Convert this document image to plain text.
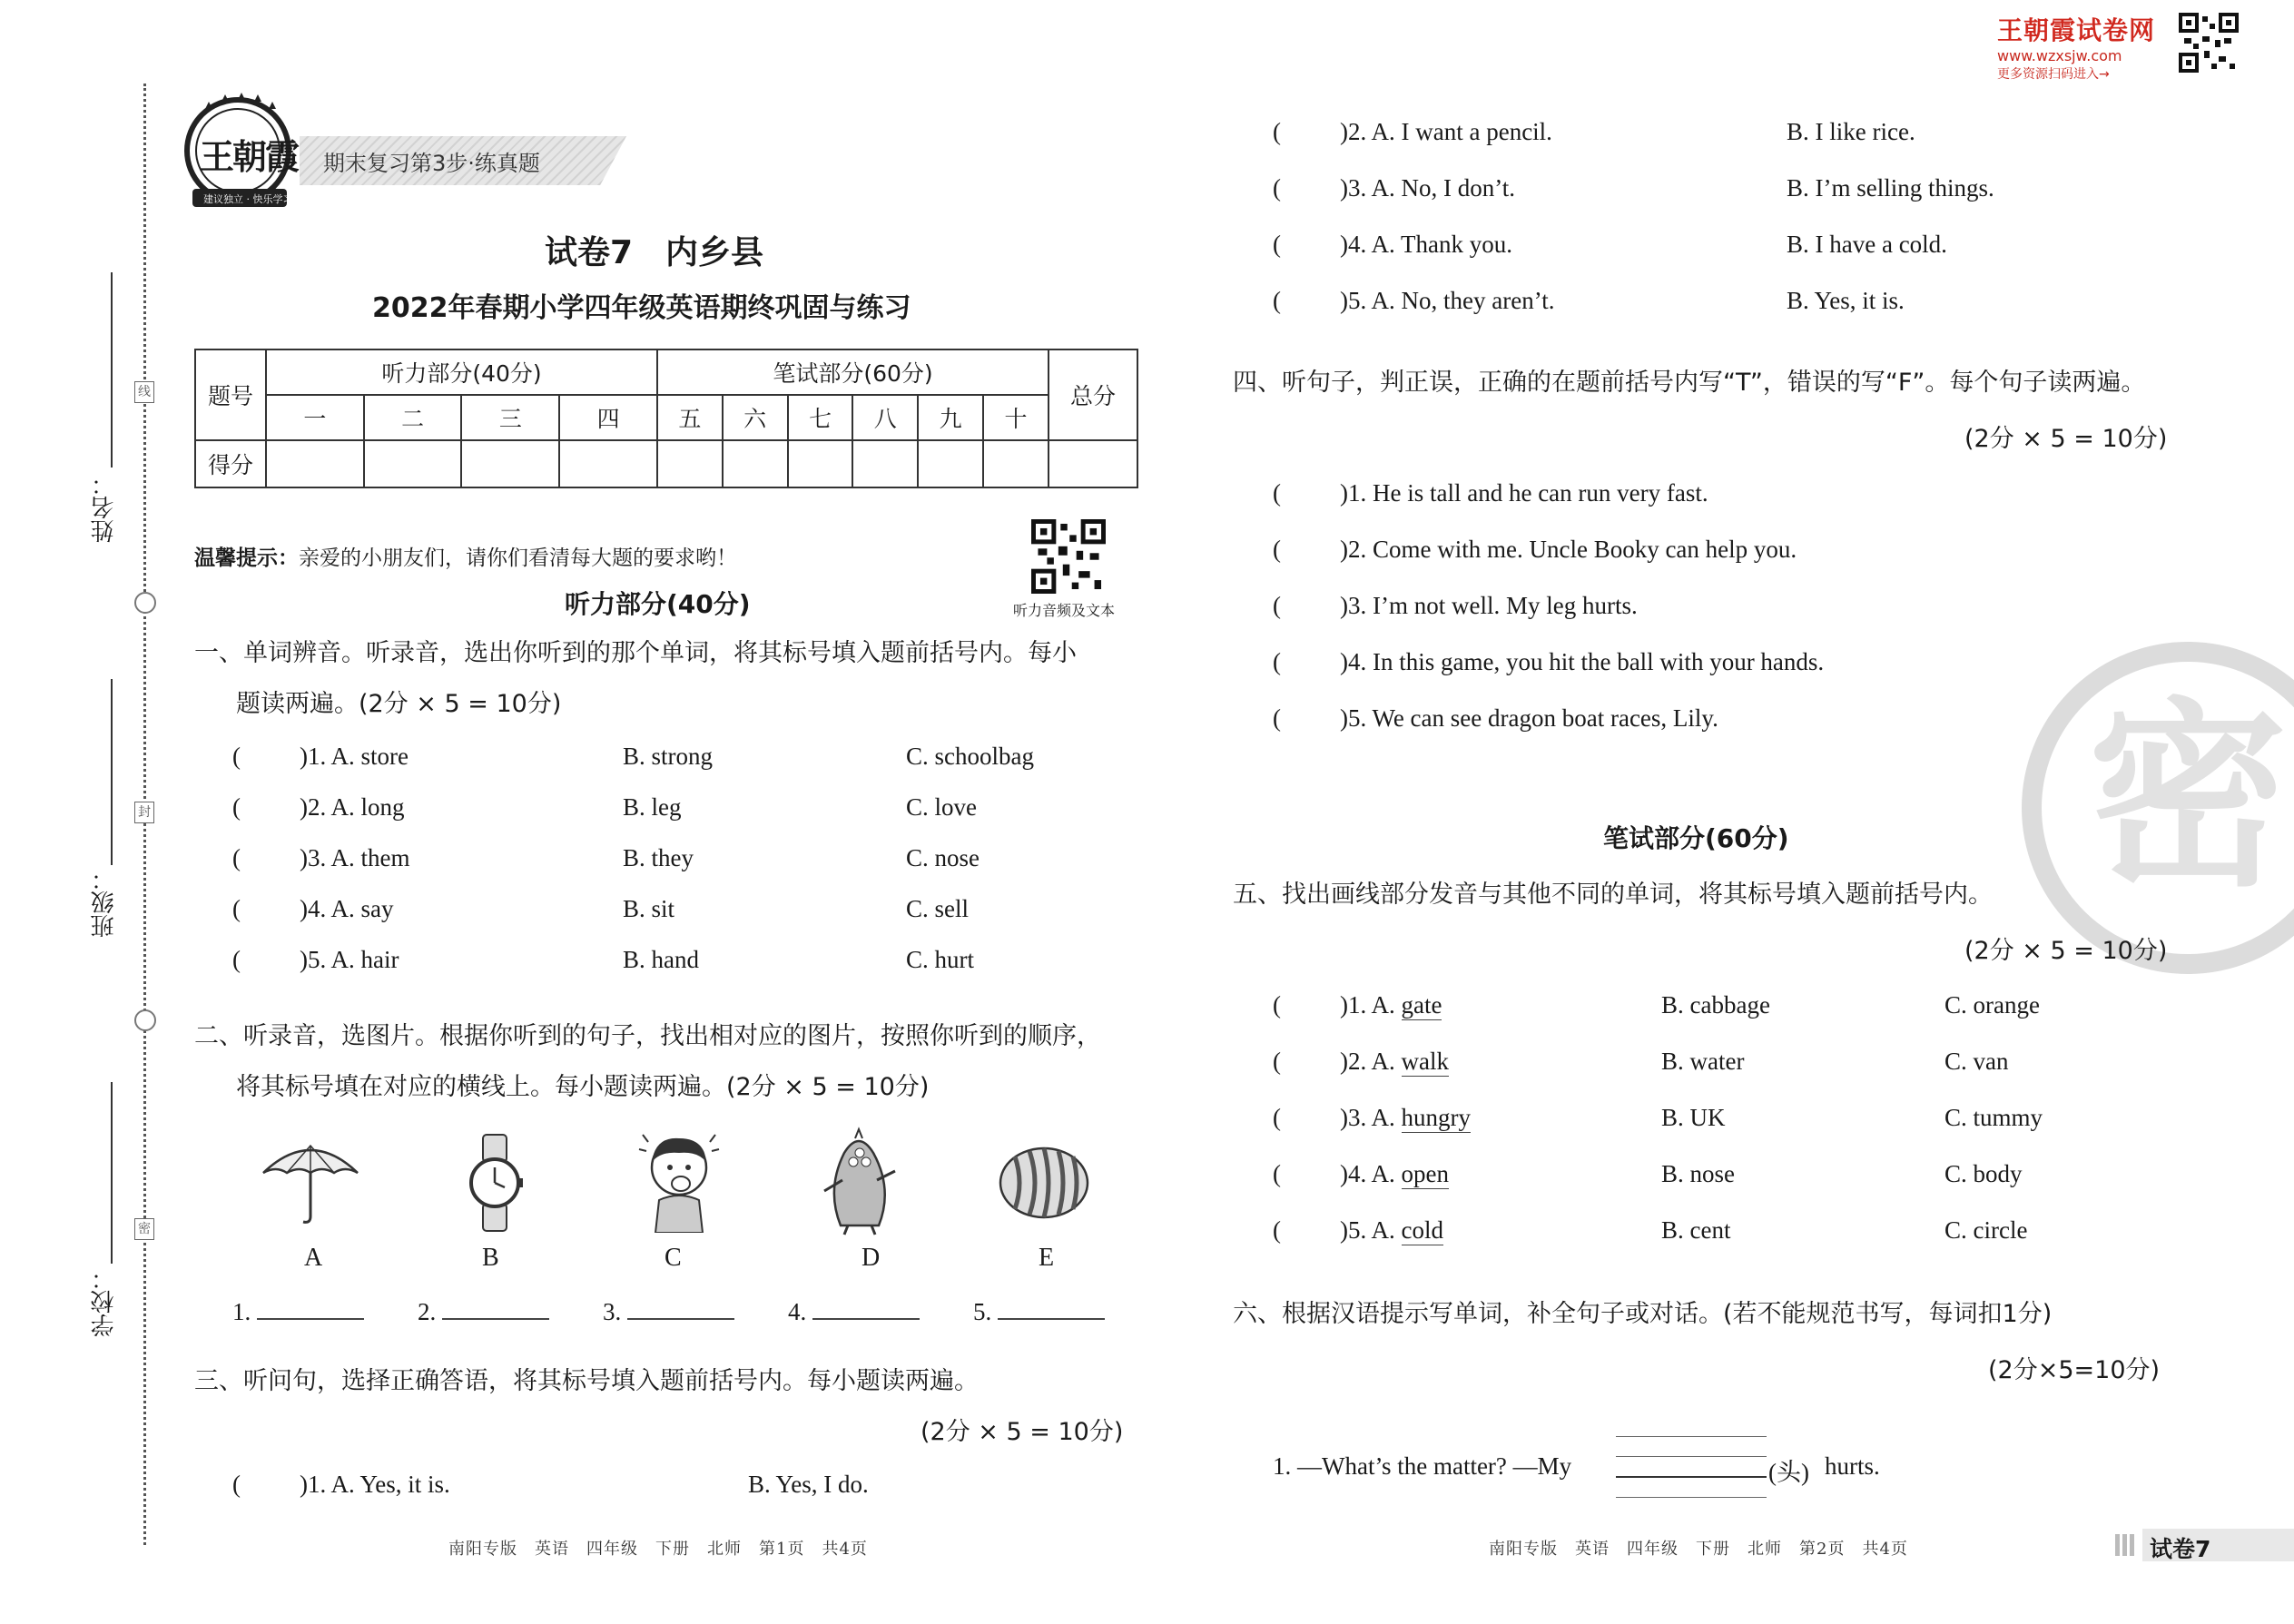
王朝霞试卷网
www.wzxsjw.com
更多资源扫码进入→
线
封
密
姓名：
班级：
学校：
王朝霞
建议独立 · 快乐学习
期末复习第3步·练真题
试卷7　内乡县
2022年春期小学四年级英语期终巩固与练习
题号	听力部分(40分)				笔试部分(60分)						总分
	一	二	三	四	五	六	七	八	九	十	
得分											
温馨提示：亲爱的小朋友们，请你们看清每大题的要求哟！
听力音频及文本
听力部分(40分)
一、单词辨音。听录音，选出你听到的那个单词，将其标号填入题前括号内。每小
题读两遍。(2分 × 5 = 10分)
( )1. A. store	B. strong	C. schoolbag
( )2. A. long	B. leg	C. love
( )3. A. them	B. they	C. nose
( )4. A. say	B. sit	C. sell
( )5. A. hair	B. hand	C. hurt
二、听录音，选图片。根据你听到的句子，找出相对应的图片，按照你听到的顺序，
将其标号填在对应的横线上。每小题读两遍。(2分 × 5 = 10分)
A	B	C	D	E
1.	2.	3.	4.	5.
三、听问句，选择正确答语，将其标号填入题前括号内。每小题读两遍。
(2分 × 5 = 10分)
( )1. A. Yes, it is.	B. Yes, I do.
( )2. A. I want a pencil.	B. I like rice.
( )3. A. No, I don’t.	B. I’m selling things.
( )4. A. Thank you.	B. I have a cold.
( )5. A. No, they aren’t.	B. Yes, it is.
密
四、听句子，判正误，正确的在题前括号内写“T”，错误的写“F”。每个句子读两遍。
(2分 × 5 = 10分)
( )1. He is tall and he can run very fast.
( )2. Come with me. Uncle Booky can help you.
( )3. I’m not well. My leg hurts.
( )4. In this game, you hit the ball with your hands.
( )5. We can see dragon boat races, Lily.
笔试部分(60分)
五、找出画线部分发音与其他不同的单词，将其标号填入题前括号内。
(2分 × 5 = 10分)
( )1. A. gate	B. cabbage	C. orange
( )2. A. walk	B. water	C. van
( )3. A. hungry	B. UK	C. tummy
( )4. A. open	B. nose	C. body
( )5. A. cold	B. cent	C. circle
六、根据汉语提示写单词，补全句子或对话。(若不能规范书写，每词扣1分)
(2分×5=10分)
1. —What’s the matter? —My	(头) hurts.
南阳专版　英语　四年级　下册　北师　第1页　共4页	南阳专版　英语　四年级　下册　北师　第2页　共4页	试卷7
